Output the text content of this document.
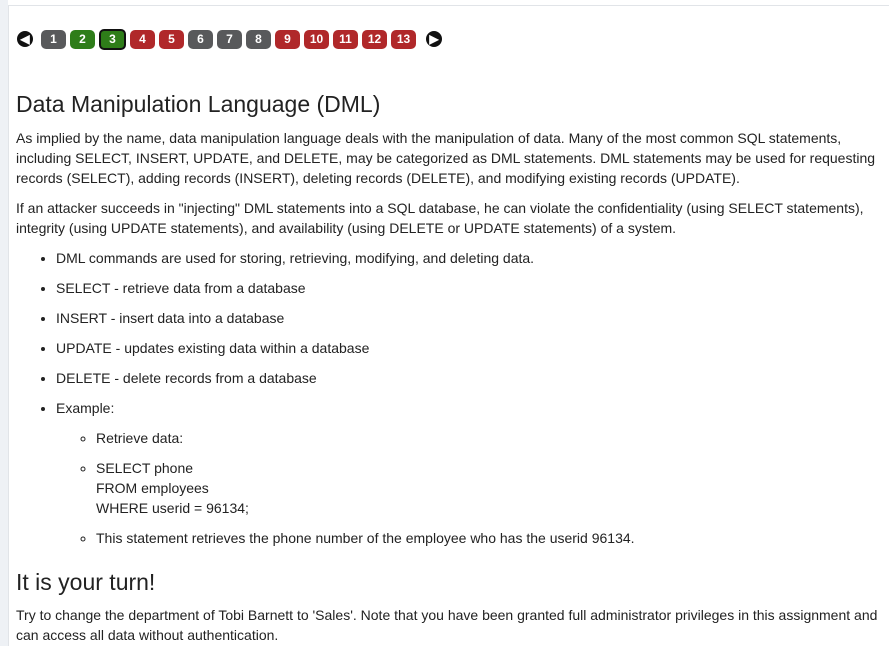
◀	1	2	3	4	5	6	7	8	9	10	11	12	13	▶
Data Manipulation Language (DML)

As implied by the name, data manipulation language deals with the manipulation of data. Many of the most common SQL statements, including SELECT, INSERT, UPDATE, and DELETE, may be categorized as DML statements. DML statements may be used for requesting records (SELECT), adding records (INSERT), deleting records (DELETE), and modifying existing records (UPDATE).

If an attacker succeeds in "injecting" DML statements into a SQL database, he can violate the confidentiality (using SELECT statements), integrity (using UPDATE statements), and availability (using DELETE or UPDATE statements) of a system.

• DML commands are used for storing, retrieving, modifying, and deleting data.
• SELECT - retrieve data from a database
• INSERT - insert data into a database
• UPDATE - updates existing data within a database
• DELETE - delete records from a database
• Example:
◦ Retrieve data:
◦ SELECT phone
FROM employees
WHERE userid = 96134;
◦ This statement retrieves the phone number of the employee who has the userid 96134.
It is your turn!

Try to change the department of Tobi Barnett to 'Sales'. Note that you have been granted full administrator privileges in this assignment and can access all data without authentication.
